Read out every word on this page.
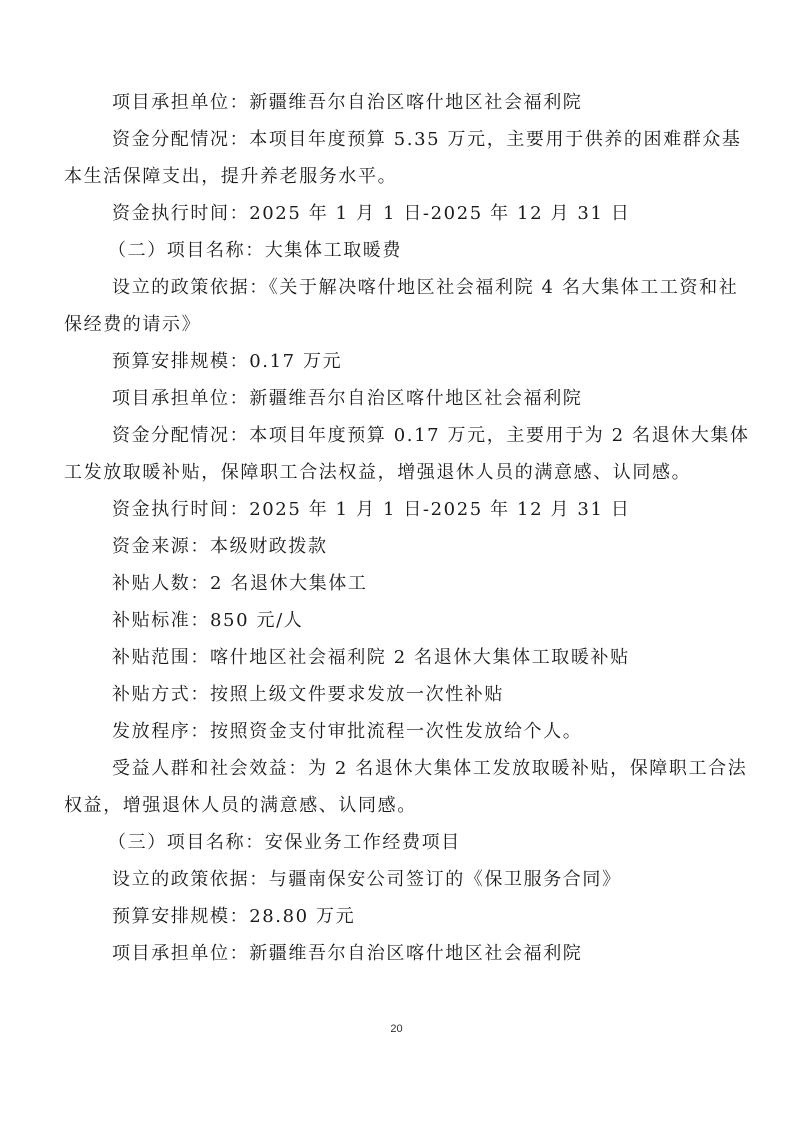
项目承担单位：新疆维吾尔自治区喀什地区社会福利院

资金分配情况：本项目年度预算 5.35 万元，主要用于供养的困难群众基
本生活保障支出，提升养老服务水平。

资金执行时间：2025 年 1 月 1 日-2025 年 12 月 31 日

（二）项目名称：大集体工取暖费

设立的政策依据：《关于解决喀什地区社会福利院 4 名大集体工工资和社
保经费的请示》

预算安排规模：0.17 万元

项目承担单位：新疆维吾尔自治区喀什地区社会福利院

资金分配情况：本项目年度预算 0.17 万元，主要用于为 2 名退休大集体
工发放取暖补贴，保障职工合法权益，增强退休人员的满意感、认同感。

资金执行时间：2025 年 1 月 1 日-2025 年 12 月 31 日

资金来源：本级财政拨款

补贴人数：2 名退休大集体工

补贴标准：850 元/人

补贴范围：喀什地区社会福利院 2 名退休大集体工取暖补贴

补贴方式：按照上级文件要求发放一次性补贴

发放程序：按照资金支付审批流程一次性发放给个人。

受益人群和社会效益：为 2 名退休大集体工发放取暖补贴，保障职工合法
权益，增强退休人员的满意感、认同感。

（三）项目名称：安保业务工作经费项目

设立的政策依据：与疆南保安公司签订的《保卫服务合同》

预算安排规模：28.80 万元

项目承担单位：新疆维吾尔自治区喀什地区社会福利院

20
